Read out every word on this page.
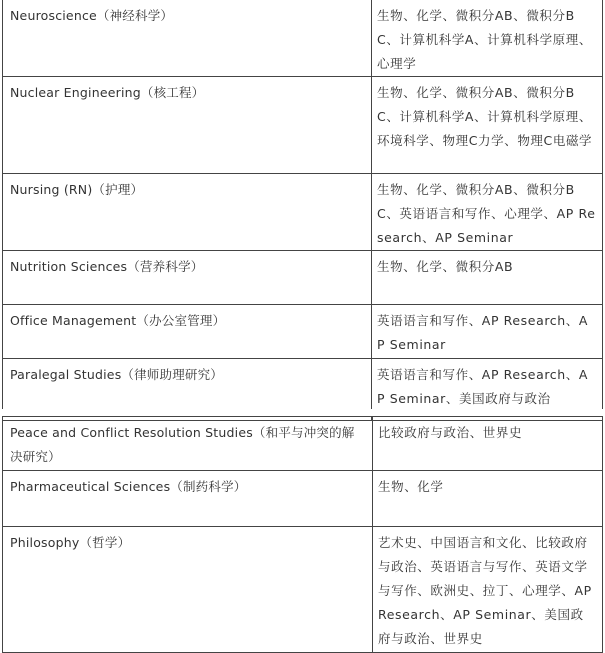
Neuroscience（神经科学）	生物、化学、微积分AB、微积分BC、计算机科学A、计算机科学原理、心理学
Nuclear Engineering（核工程）	生物、化学、微积分AB、微积分BC、计算机科学A、计算机科学原理、环境科学、物理C力学、物理C电磁学
Nursing (RN)（护理）	生物、化学、微积分AB、微积分BC、英语语言和写作、心理学、AP Research、AP Seminar
Nutrition Sciences（营养科学）	生物、化学、微积分AB
Office Management（办公室管理）	英语语言和写作、AP Research、AP Seminar
Paralegal Studies（律师助理研究）	英语语言和写作、AP Research、AP Seminar、美国政府与政治
Peace and Conflict Resolution Studies（和平与冲突的解决研究）	比较政府与政治、世界史
Pharmaceutical Sciences（制药科学）	生物、化学
Philosophy（哲学）	艺术史、中国语言和文化、比较政府与政治、英语语言与写作、英语文学与写作、欧洲史、拉丁、心理学、AP Research、AP Seminar、美国政府与政治、世界史
